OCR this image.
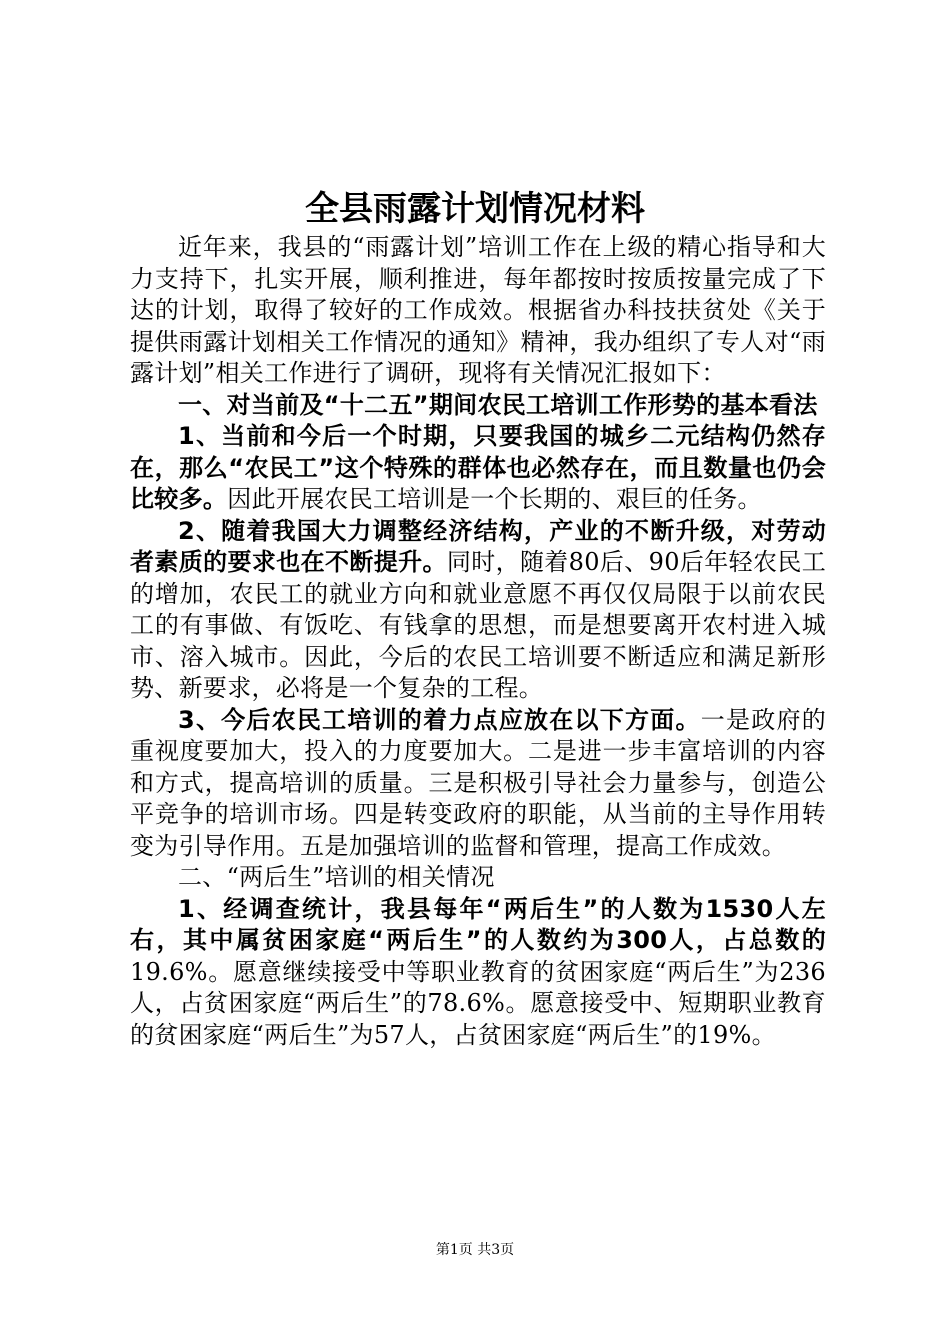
全县雨露计划情况材料

近年来，我县的“雨露计划”培训工作在上级的精心指导和大力支持下，扎实开展，顺利推进，每年都按时按质按量完成了下达的计划，取得了较好的工作成效。根据省办科技扶贫处《关于提供雨露计划相关工作情况的通知》精神，我办组织了专人对“雨露计划”相关工作进行了调研，现将有关情况汇报如下：

一、对当前及“十二五”期间农民工培训工作形势的基本看法

1、当前和今后一个时期，只要我国的城乡二元结构仍然存在，那么“农民工”这个特殊的群体也必然存在，而且数量也仍会比较多。因此开展农民工培训是一个长期的、艰巨的任务。

2、随着我国大力调整经济结构，产业的不断升级，对劳动者素质的要求也在不断提升。同时，随着80后、90后年轻农民工的增加，农民工的就业方向和就业意愿不再仅仅局限于以前农民工的有事做、有饭吃、有钱拿的思想，而是想要离开农村进入城市、溶入城市。因此，今后的农民工培训要不断适应和满足新形势、新要求，必将是一个复杂的工程。

3、今后农民工培训的着力点应放在以下方面。一是政府的重视度要加大，投入的力度要加大。二是进一步丰富培训的内容和方式，提高培训的质量。三是积极引导社会力量参与，创造公平竞争的培训市场。四是转变政府的职能，从当前的主导作用转变为引导作用。五是加强培训的监督和管理，提高工作成效。

二、“两后生”培训的相关情况

1、经调查统计，我县每年“两后生”的人数为1530人左右，其中属贫困家庭“两后生”的人数约为300人，占总数的19.6%。愿意继续接受中等职业教育的贫困家庭“两后生”为236人，占贫困家庭“两后生”的78.6%。愿意接受中、短期职业教育的贫困家庭“两后生”为57人，占贫困家庭“两后生”的19%。

第1页 共3页
